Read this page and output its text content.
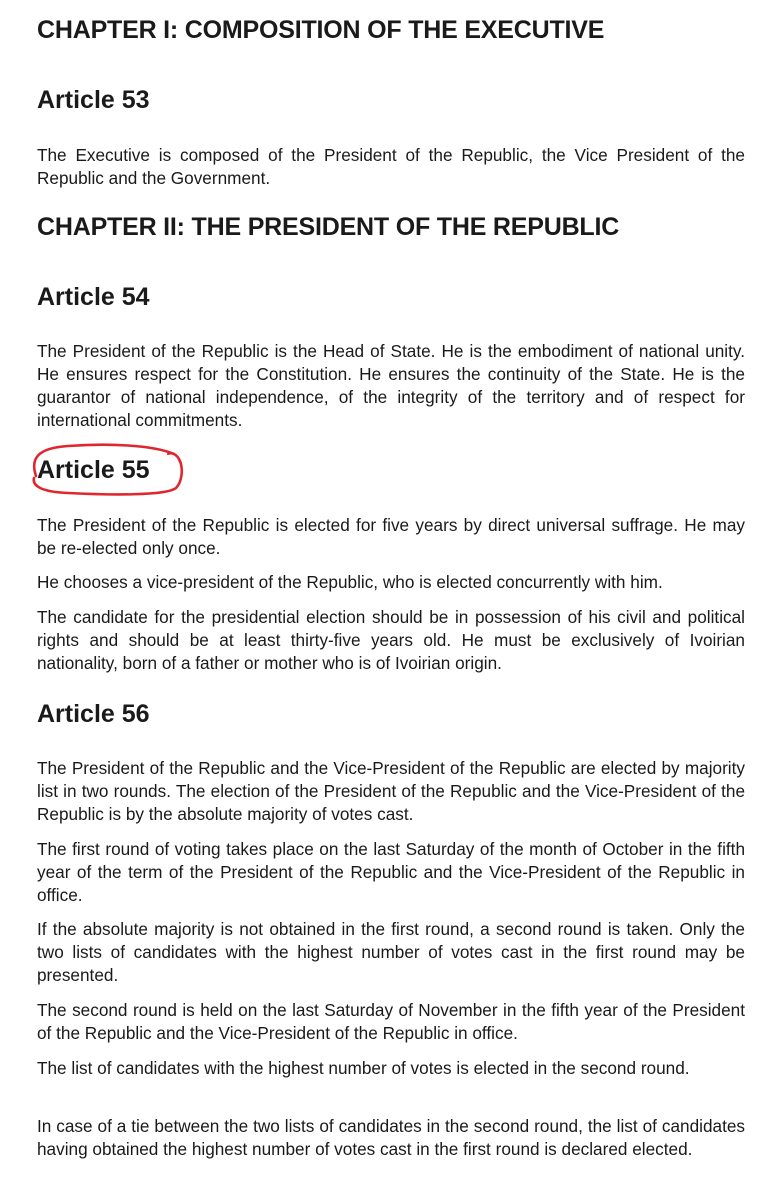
CHAPTER I: COMPOSITION OF THE EXECUTIVE
Article 53

The Executive is composed of the President of the Republic, the Vice President of the Republic and the Government.

CHAPTER II: THE PRESIDENT OF THE REPUBLIC
Article 54

The President of the Republic is the Head of State. He is the embodiment of national unity. He ensures respect for the Constitution. He ensures the continuity of the State. He is the guarantor of national independence, of the integrity of the territory and of respect for international commitments.

Article 55

The President of the Republic is elected for five years by direct universal suffrage. He may be re-elected only once.

He chooses a vice-president of the Republic, who is elected concurrently with him.

The candidate for the presidential election should be in possession of his civil and political rights and should be at least thirty-five years old. He must be exclusively of Ivoirian nationality, born of a father or mother who is of Ivoirian origin.

Article 56

The President of the Republic and the Vice-President of the Republic are elected by majority list in two rounds. The election of the President of the Republic and the Vice-President of the Republic is by the absolute majority of votes cast.

The first round of voting takes place on the last Saturday of the month of October in the fifth year of the term of the President of the Republic and the Vice-President of the Republic in office.

If the absolute majority is not obtained in the first round, a second round is taken. Only the two lists of candidates with the highest number of votes cast in the first round may be presented.

The second round is held on the last Saturday of November in the fifth year of the President of the Republic and the Vice-President of the Republic in office.

The list of candidates with the highest number of votes is elected in the second round.

In case of a tie between the two lists of candidates in the second round, the list of candidates having obtained the highest number of votes cast in the first round is declared elected.
